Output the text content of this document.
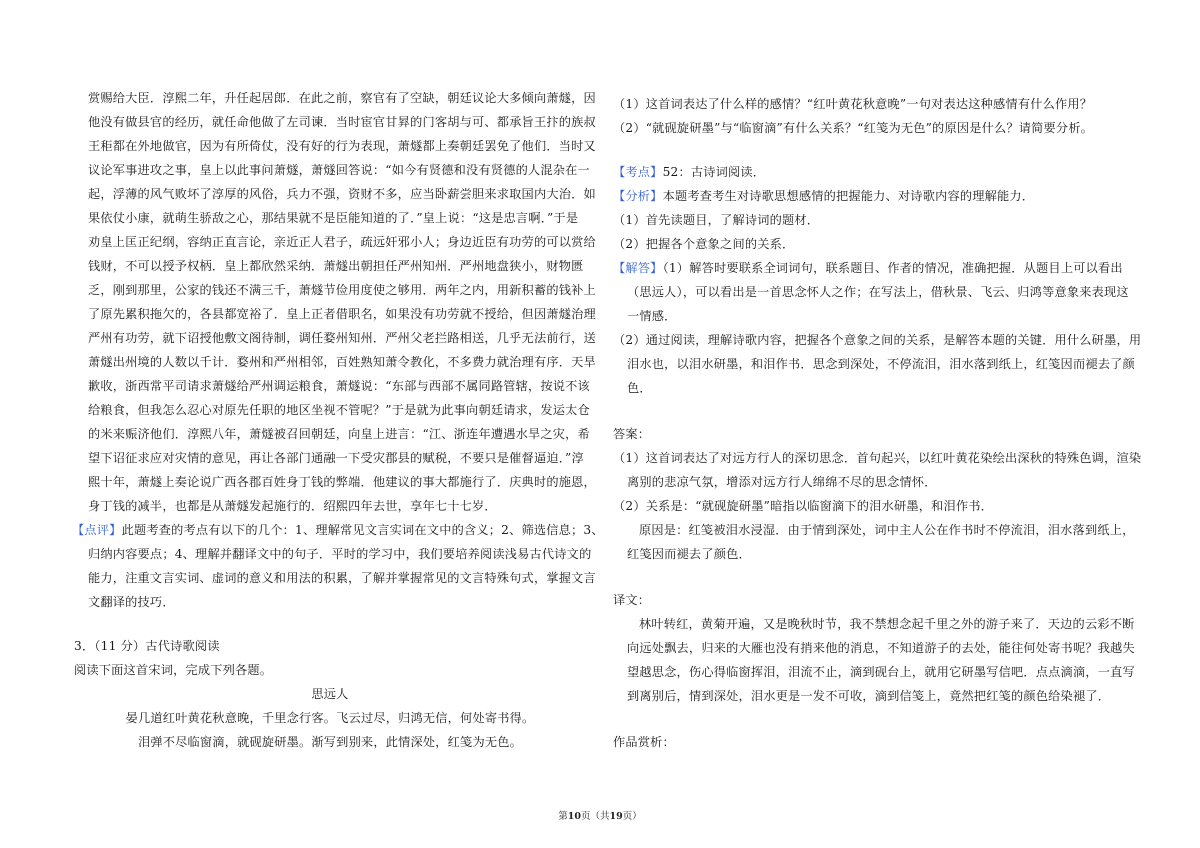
赏赐给大臣．淳熙二年，升任起居郎．在此之前，察官有了空缺，朝廷议论大多倾向萧燧，因
他没有做县官的经历，就任命他做了左司谏．当时宦官甘昪的门客胡与可、都承旨王抃的族叔
王秬都在外地做官，因为有所倚仗，没有好的行为表现，萧燧都上奏朝廷罢免了他们．当时又
议论军事进攻之事，皇上以此事问萧燧，萧燧回答说：“如今有贤德和没有贤德的人混杂在一
起，浮薄的风气败坏了淳厚的风俗，兵力不强，资财不多，应当卧薪尝胆来求取国内大治．如
果依仗小康，就萌生骄敌之心，那结果就不是臣能知道的了．”皇上说：“这是忠言啊．”于是
劝皇上匡正纪纲，容纳正直言论，亲近正人君子，疏远奸邪小人；身边近臣有功劳的可以赏给
钱财，不可以授予权柄．皇上都欣然采纳．萧燧出朝担任严州知州．严州地盘狭小，财物匮
乏，刚到那里，公家的钱还不满三千，萧燧节俭用度使之够用．两年之内，用新积蓄的钱补上
了原先累积拖欠的，各县都宽裕了．皇上正者借职名，如果没有功劳就不授给，但因萧燧治理
严州有功劳，就下诏授他敷文阁待制，调任婺州知州．严州父老拦路相送，几乎无法前行，送
萧燧出州境的人数以千计．婺州和严州相邻，百姓熟知萧令教化，不多费力就治理有序．天旱
歉收，浙西常平司请求萧燧给严州调运粮食，萧燧说：“东部与西部不属同路管辖，按说不该
给粮食，但我怎么忍心对原先任职的地区坐视不管呢？”于是就为此事向朝廷请求，发运太仓
的米来赈济他们．淳熙八年，萧燧被召回朝廷，向皇上进言：“江、浙连年遭遇水旱之灾，希
望下诏征求应对灾情的意见，再让各部门通融一下受灾郡县的赋税，不要只是催督逼迫．”淳
熙十年，萧燧上奏论说广西各郡百姓身丁钱的弊端．他建议的事大都施行了．庆典时的施恩，
身丁钱的减半，也都是从萧燧发起施行的．绍熙四年去世，享年七十七岁．
【点评】此题考查的考点有以下的几个：1、理解常见文言实词在文中的含义；2、筛选信息；3、
归纳内容要点；4、理解并翻译文中的句子．平时的学习中，我们要培养阅读浅易古代诗文的
能力，注重文言实词、虚词的意义和用法的积累，了解并掌握常见的文言特殊句式，掌握文言
文翻译的技巧．
3．（11 分）古代诗歌阅读
阅读下面这首宋词，完成下列各题。
思远人
晏几道红叶黄花秋意晚，千里念行客。飞云过尽，归鸿无信，何处寄书得。
泪弹不尽临窗滴，就砚旋研墨。渐写到别来，此情深处，红笺为无色。
（1）这首词表达了什么样的感情？“红叶黄花秋意晚”一句对表达这种感情有什么作用？
（2）“就砚旋研墨”与“临窗滴”有什么关系？“红笺为无色”的原因是什么？请简要分析。
【考点】52：古诗词阅读．
【分析】本题考查考生对诗歌思想感情的把握能力、对诗歌内容的理解能力．
（1）首先读题目，了解诗词的题材．
（2）把握各个意象之间的关系．
【解答】（1）解答时要联系全词词句，联系题目、作者的情况，准确把握．从题目上可以看出
（思远人），可以看出是一首思念怀人之作；在写法上，借秋景、飞云、归鸿等意象来表现这
一情感．
（2）通过阅读，理解诗歌内容，把握各个意象之间的关系，是解答本题的关键．用什么研墨，用
泪水也，以泪水研墨，和泪作书．思念到深处，不停流泪，泪水落到纸上，红笺因而褪去了颜
色．
答案：
（1）这首词表达了对远方行人的深切思念．首句起兴，以红叶黄花染绘出深秋的特殊色调，渲染
离别的悲凉气氛，增添对远方行人绵绵不尽的思念情怀．
（2）关系是：“就砚旋研墨”暗指以临窗滴下的泪水研墨，和泪作书．
原因是：红笺被泪水浸湿．由于情到深处，词中主人公在作书时不停流泪，泪水落到纸上，
红笺因而褪去了颜色．
译文：
林叶转红，黄菊开遍，又是晚秋时节，我不禁想念起千里之外的游子来了．天边的云彩不断
向远处飘去，归来的大雁也没有捎来他的消息，不知道游子的去处，能往何处寄书呢？我越失
望越思念，伤心得临窗挥泪，泪流不止，滴到砚台上，就用它研墨写信吧．点点滴滴，一直写
到离别后，情到深处，泪水更是一发不可收，滴到信笺上，竟然把红笺的颜色给染褪了．
作品赏析：
第10页（共19页）
